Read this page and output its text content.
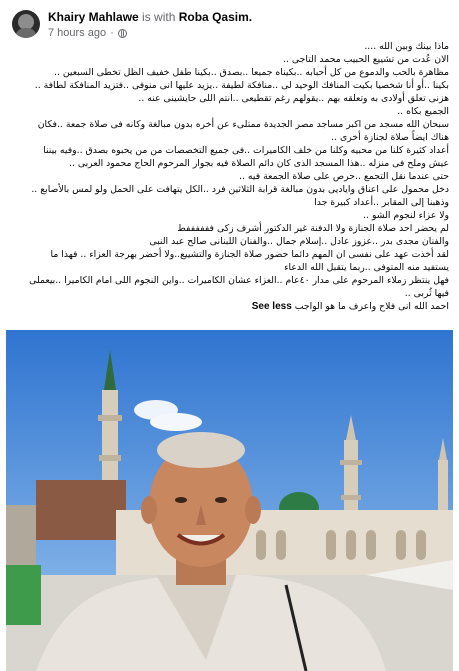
Khairy Mahlawe is with Roba Qasim.
7 hours ago ·

ماذا بينك وبين الله ....

الان عُدت من تشييع الحبيب محمد التاجى ..

مظاهرة بالحب والدموع من كل أحبابه ..بكيناه جميعا ..بصدق ..بكينا طفل خفيف الظل تخطى السبعين ..

بكينا ..أو أنا شخصيا بكيت المنافك الوحيد لى ..منافكة لطيفة ..يزيد عليها انى منوفى ..فتزيد المنافكة لطافة ..

هزنى تعلق أولادى به وتعلقه بهم ..يقولهم رغم تقطيعى ..انتم اللى حايشينى عنه ..

الجميع بكاه ..

سبحان الله مسجد من اكبر مساجد مصر الجديدة ممتلىء عن أخره بدون مبالغة وكانه فى صلاة جمعة ..فكان

هناك ايضاً صلاة لجنازة أخرى ..

أعداد كثيرة كلنا من محبيه وكلنا من خلف الكاميرات ..فى جميع التخصصات من من يحبوه بصدق ..وفيه بيننا

عيش وملح فى منزله ..هذا المسجد الذى كان دائم الصلاة فيه بجوار المرحوم الحاج محمود العربى ..

حتى عندما نقل التجمع ..حرص على صلاة الجمعة فيه ..

دخل محمول على اعناق واياديى بدون مبالغة قرابة الثلاثين فرد ..الكل يتهافت على الحمل ولو لمس بالأصابع ..

وذهبنا إلى المقابر ..أعداد كبيرة جدا

ولا عزاء لنجوم الشو ..

لم يحضر احد صلاة الجنازة ولا الدفنة غير الدكتور أشرف زكى ففففففط

والفنان مجدى بدر ..عزوز عادل ..إسلام جمال ..والفنان اللبنانى صالح عبد النبى

لقد أخذت عهد على نفسى ان المهم دائما حضور صلاة الجنازة والتشييع..ولا أحضر بهرجة العزاء .. فهذا ما

يستفيد منه المتوفى ..ربما يتقبل الله الدعاء

فهل ينتظر زملاء المرحوم على مدار ٤٠عام ..العزاء عشان الكاميرات ..واين النجوم اللى امام الكاميرا ..بيعملى

فيها ثُربى ..

احمد الله انى فلاح واعرف ما هو الواجب See less
